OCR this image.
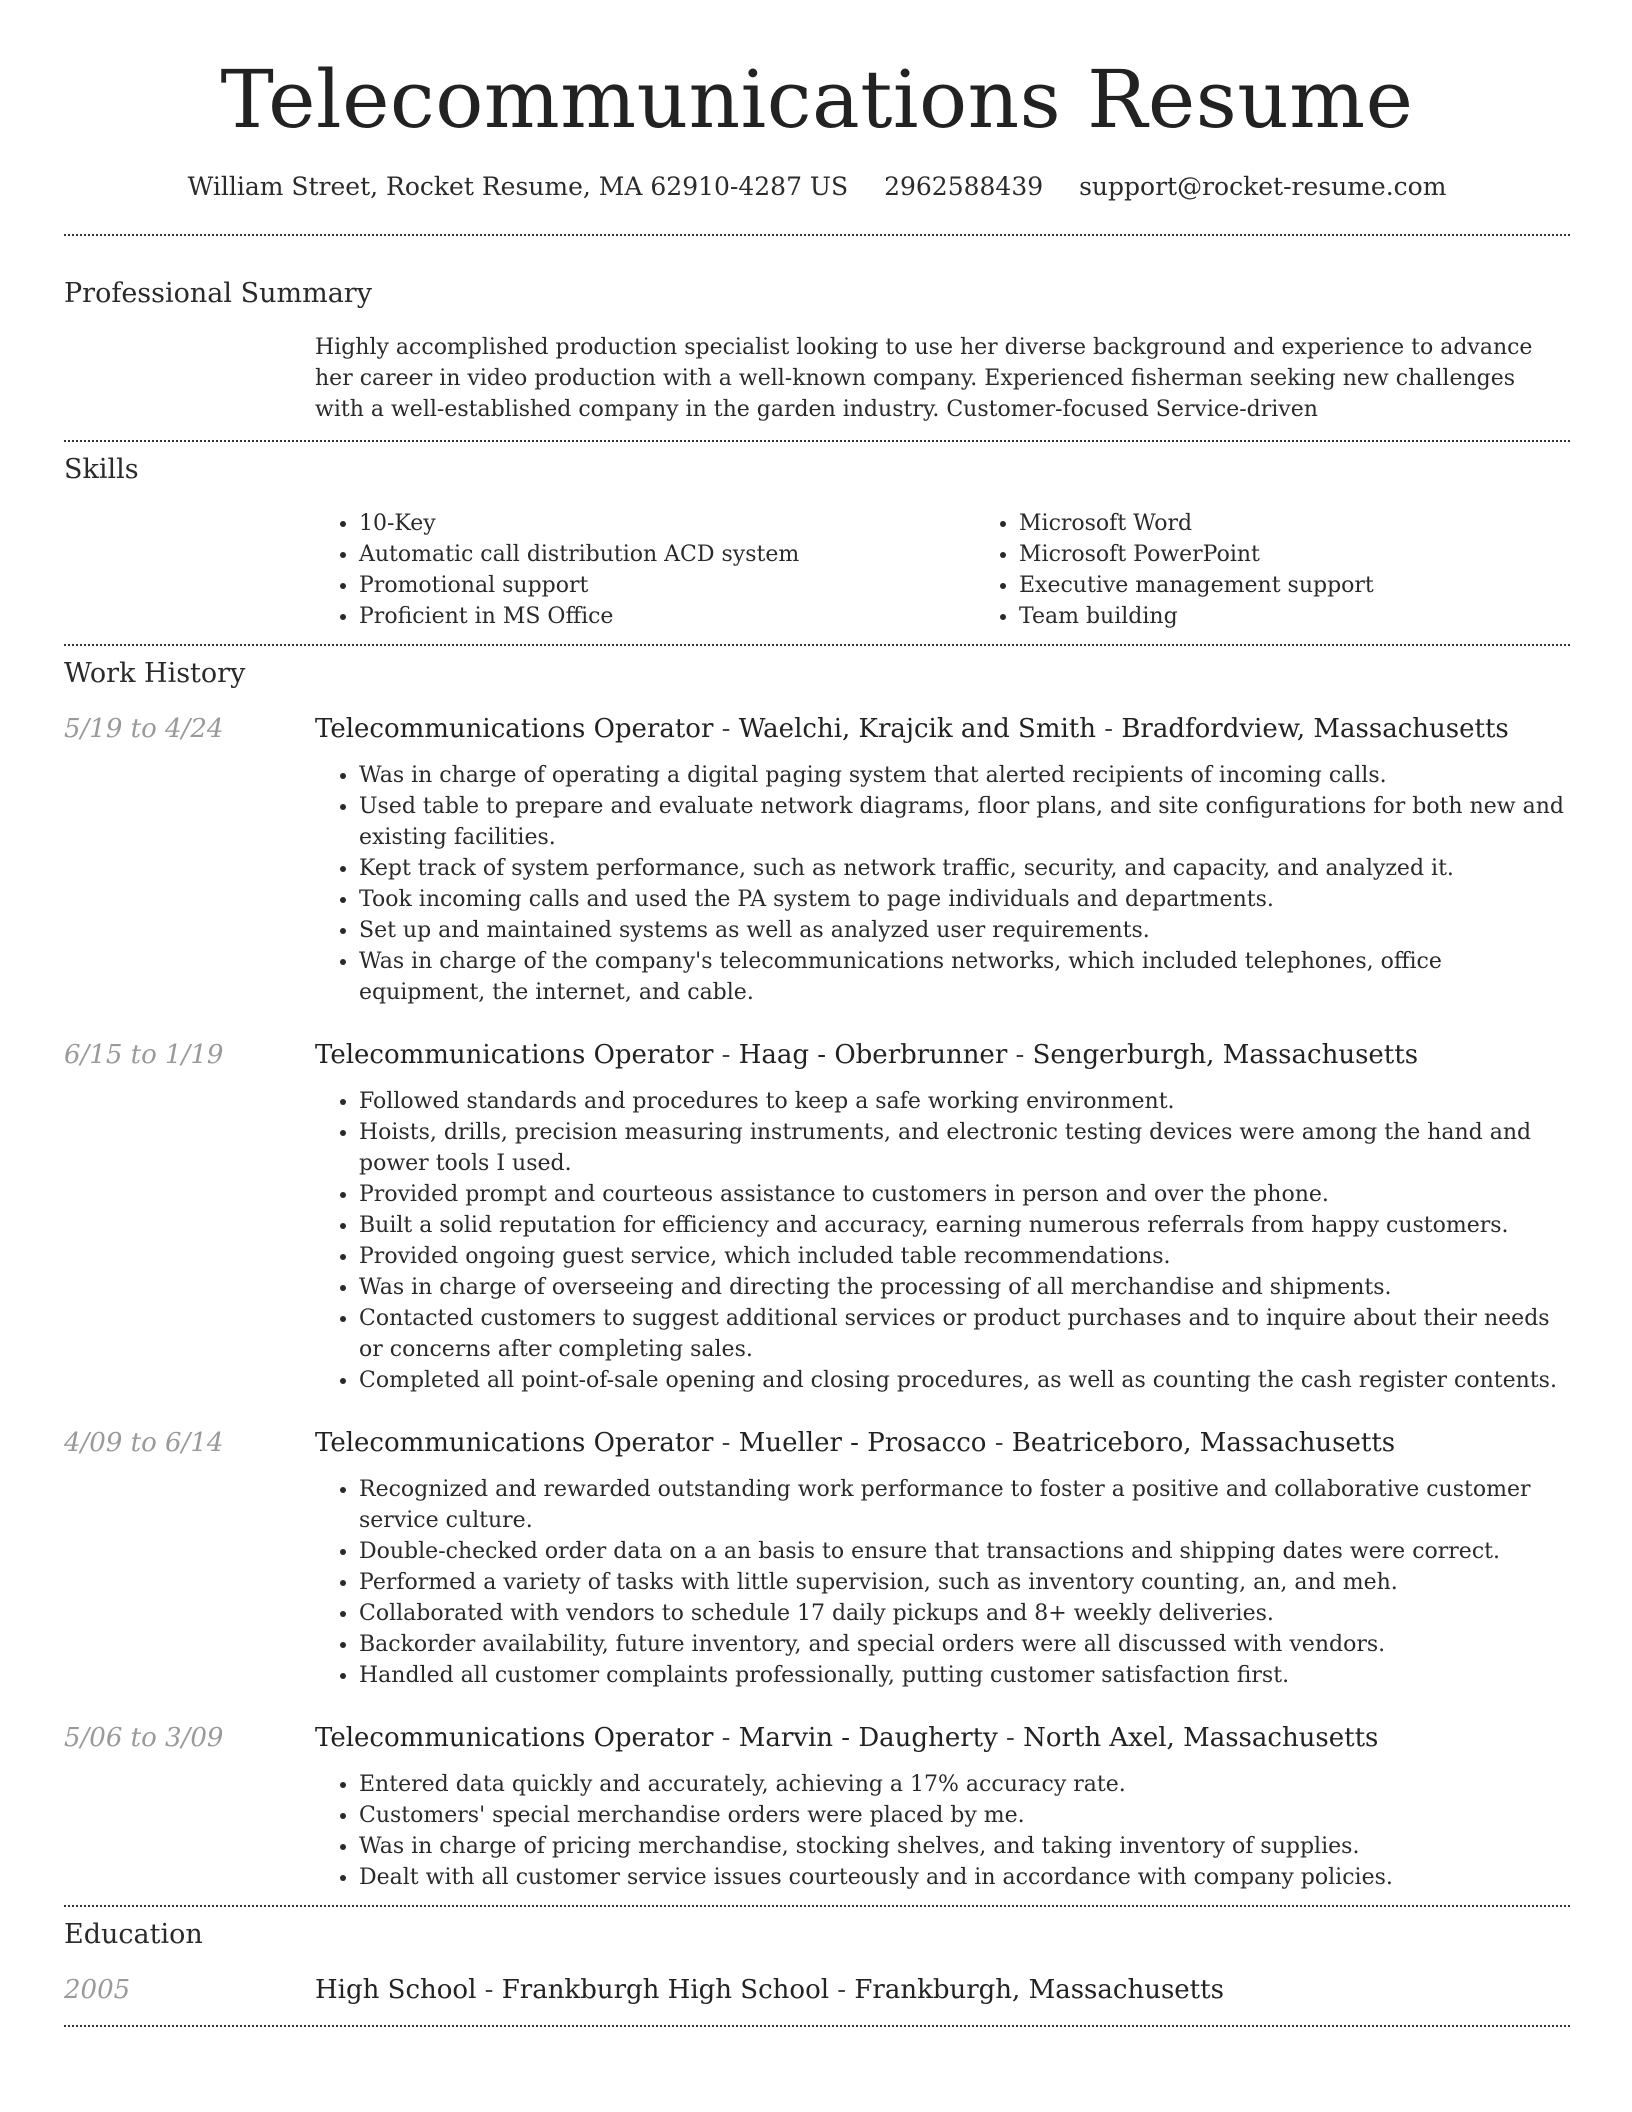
Telecommunications Resume
William Street, Rocket Resume, MA 62910-4287 US 2962588439 support@rocket-resume.com
Professional Summary
Highly accomplished production specialist looking to use her diverse background and experience to advance her career in video production with a well-known company. Experienced fisherman seeking new challenges with a well-established company in the garden industry. Customer-focused Service-driven
Skills
• 10-Key
• Automatic call distribution ACD system
• Promotional support
• Proficient in MS Office
• Microsoft Word
• Microsoft PowerPoint
• Executive management support
• Team building
Work History
5/19 to 4/24	Telecommunications Operator - Waelchi, Krajcik and Smith - Bradfordview, Massachusetts
• Was in charge of operating a digital paging system that alerted recipients of incoming calls.
• Used table to prepare and evaluate network diagrams, floor plans, and site configurations for both new and existing facilities.
• Kept track of system performance, such as network traffic, security, and capacity, and analyzed it.
• Took incoming calls and used the PA system to page individuals and departments.
• Set up and maintained systems as well as analyzed user requirements.
• Was in charge of the company's telecommunications networks, which included telephones, office equipment, the internet, and cable.
6/15 to 1/19	Telecommunications Operator - Haag - Oberbrunner - Sengerburgh, Massachusetts
• Followed standards and procedures to keep a safe working environment.
• Hoists, drills, precision measuring instruments, and electronic testing devices were among the hand and power tools I used.
• Provided prompt and courteous assistance to customers in person and over the phone.
• Built a solid reputation for efficiency and accuracy, earning numerous referrals from happy customers.
• Provided ongoing guest service, which included table recommendations.
• Was in charge of overseeing and directing the processing of all merchandise and shipments.
• Contacted customers to suggest additional services or product purchases and to inquire about their needs or concerns after completing sales.
• Completed all point-of-sale opening and closing procedures, as well as counting the cash register contents.
4/09 to 6/14	Telecommunications Operator - Mueller - Prosacco - Beatriceboro, Massachusetts
• Recognized and rewarded outstanding work performance to foster a positive and collaborative customer service culture.
• Double-checked order data on a an basis to ensure that transactions and shipping dates were correct.
• Performed a variety of tasks with little supervision, such as inventory counting, an, and meh.
• Collaborated with vendors to schedule 17 daily pickups and 8+ weekly deliveries.
• Backorder availability, future inventory, and special orders were all discussed with vendors.
• Handled all customer complaints professionally, putting customer satisfaction first.
5/06 to 3/09	Telecommunications Operator - Marvin - Daugherty - North Axel, Massachusetts
• Entered data quickly and accurately, achieving a 17% accuracy rate.
• Customers' special merchandise orders were placed by me.
• Was in charge of pricing merchandise, stocking shelves, and taking inventory of supplies.
• Dealt with all customer service issues courteously and in accordance with company policies.
Education
2005	High School - Frankburgh High School - Frankburgh, Massachusetts
